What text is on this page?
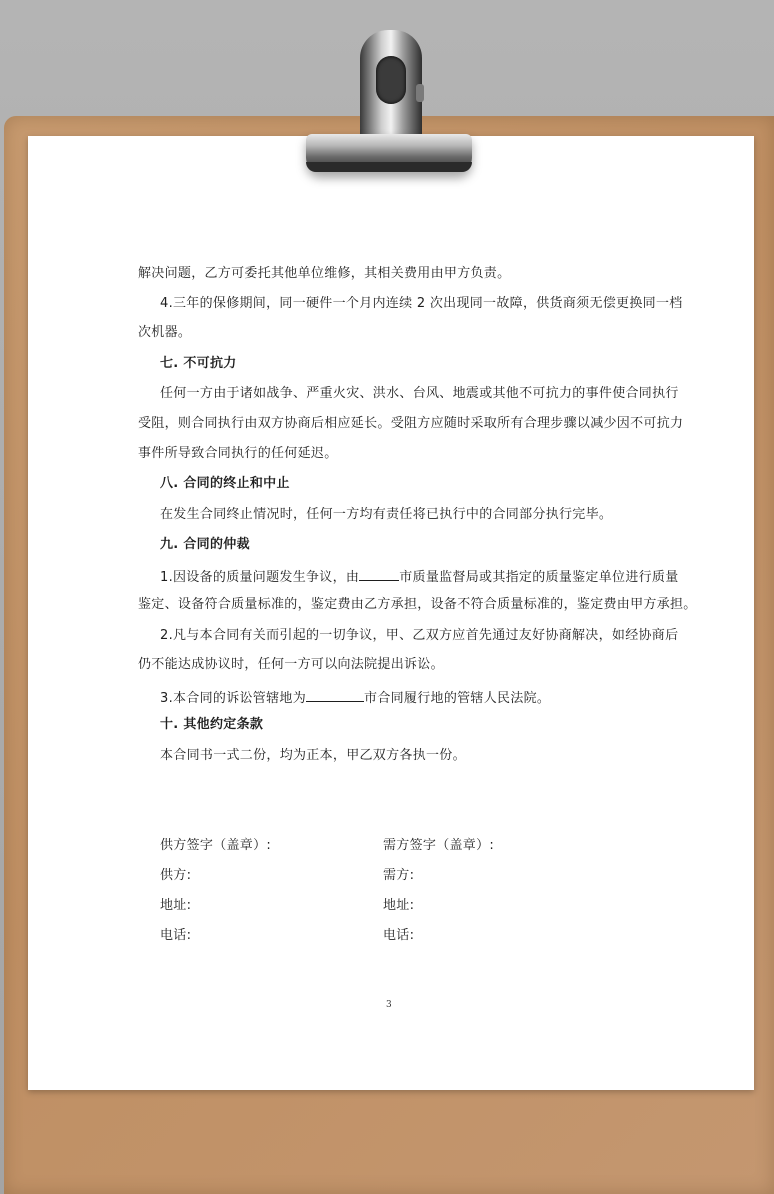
解决问题，乙方可委托其他单位维修，其相关费用由甲方负责。
4.三年的保修期间，同一硬件一个月内连续 2 次出现同一故障，供货商须无偿更换同一档
次机器。
七. 不可抗力
任何一方由于诸如战争、严重火灾、洪水、台风、地震或其他不可抗力的事件使合同执行
受阻，则合同执行由双方协商后相应延长。受阻方应随时采取所有合理步骤以减少因不可抗力
事件所导致合同执行的任何延迟。
八. 合同的终止和中止
在发生合同终止情况时，任何一方均有责任将已执行中的合同部分执行完毕。
九. 合同的仲裁
1.因设备的质量问题发生争议，由	市质量监督局或其指定的质量鉴定单位进行质量
鉴定、设备符合质量标准的，鉴定费由乙方承担，设备不符合质量标准的，鉴定费由甲方承担。
2.凡与本合同有关而引起的一切争议，甲、乙双方应首先通过友好协商解决，如经协商后
仍不能达成协议时，任何一方可以向法院提出诉讼。
3.本合同的诉讼管辖地为	市合同履行地的管辖人民法院。
十. 其他约定条款
本合同书一式二份，均为正本，甲乙双方各执一份。
供方签字（盖章）:
供方:
地址:
电话:
需方签字（盖章）:
需方:
地址:
电话:
3
